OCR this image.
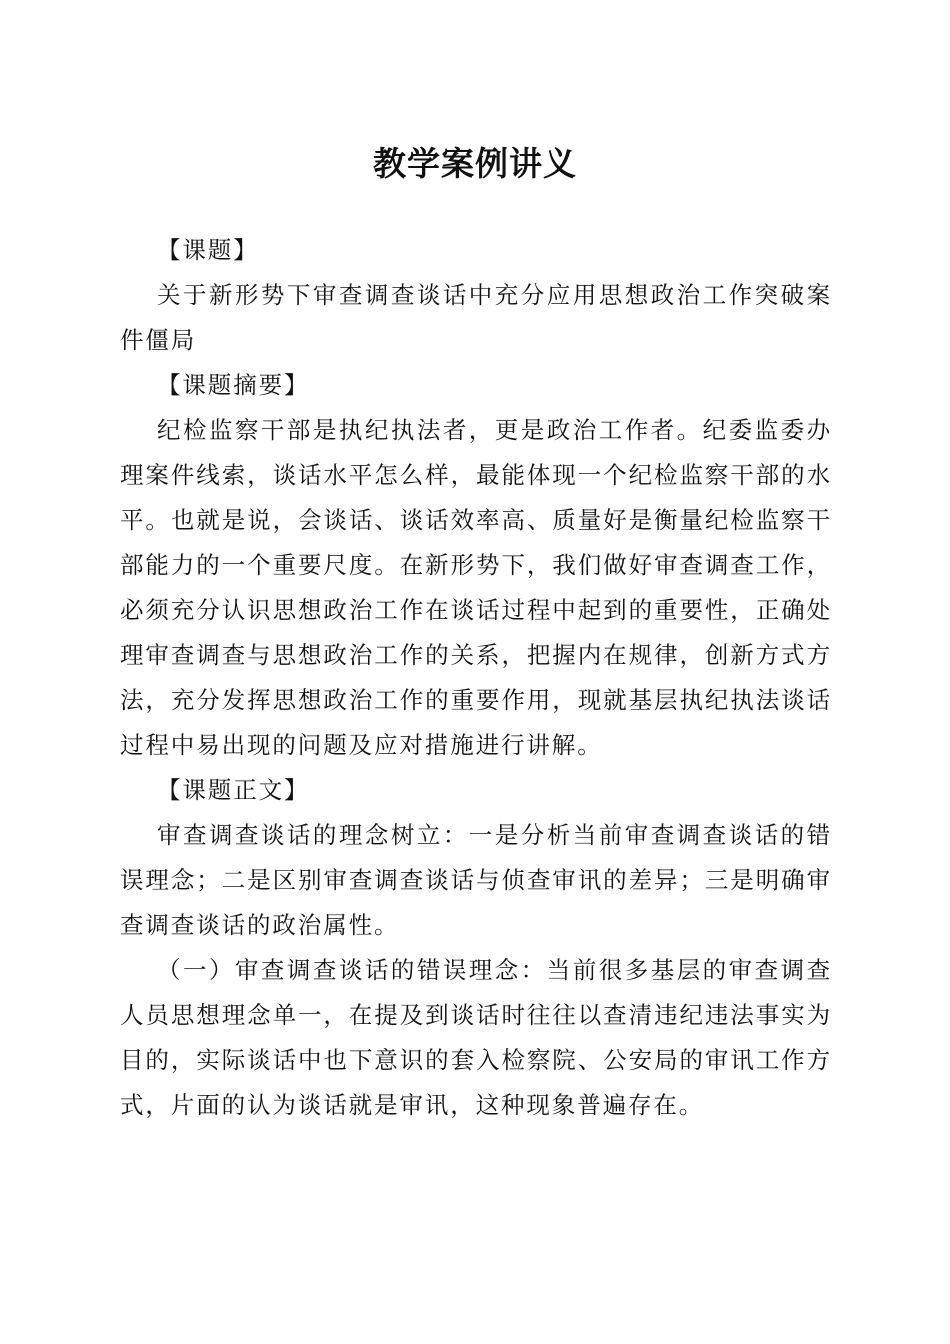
教学案例讲义

【课题】

关于新形势下审查调查谈话中充分应用思想政治工作突破案件僵局

【课题摘要】

纪检监察干部是执纪执法者，更是政治工作者。纪委监委办理案件线索，谈话水平怎么样，最能体现一个纪检监察干部的水平。也就是说，会谈话、谈话效率高、质量好是衡量纪检监察干部能力的一个重要尺度。在新形势下，我们做好审查调查工作，必须充分认识思想政治工作在谈话过程中起到的重要性，正确处理审查调查与思想政治工作的关系，把握内在规律，创新方式方法，充分发挥思想政治工作的重要作用，现就基层执纪执法谈话过程中易出现的问题及应对措施进行讲解。

【课题正文】

审查调查谈话的理念树立：一是分析当前审查调查谈话的错误理念；二是区别审查调查谈话与侦查审讯的差异；三是明确审查调查谈话的政治属性。

（一）审查调查谈话的错误理念：当前很多基层的审查调查人员思想理念单一，在提及到谈话时往往以查清违纪违法事实为目的，实际谈话中也下意识的套入检察院、公安局的审讯工作方式，片面的认为谈话就是审讯，这种现象普遍存在。
